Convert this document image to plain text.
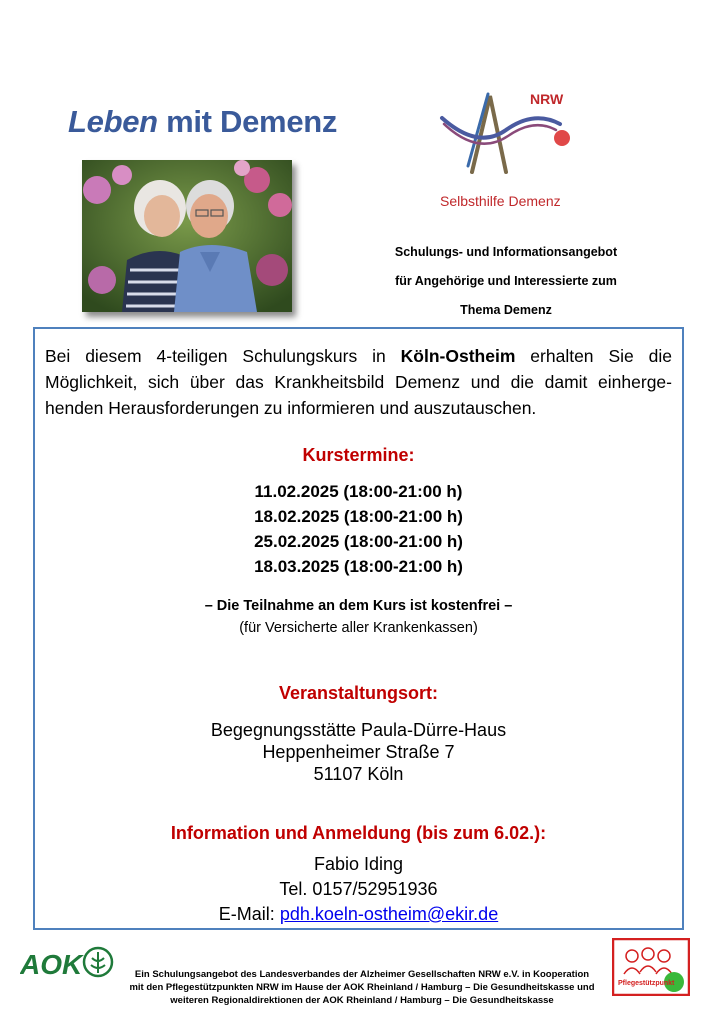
Leben mit Demenz
NRW
Selbsthilfe Demenz
Schulungs- und Informationsangebot
für Angehörige und Interessierte zum
Thema Demenz
Bei diesem 4-teiligen Schulungskurs in Köln-Ostheim erhalten Sie die Möglichkeit, sich über das Krankheitsbild Demenz und die damit einherge-henden Herausforderungen zu informieren und auszutauschen.
Kurstermine:
11.02.2025 (18:00-21:00 h)
18.02.2025 (18:00-21:00 h)
25.02.2025 (18:00-21:00 h)
18.03.2025 (18:00-21:00 h)
– Die Teilnahme an dem Kurs ist kostenfrei –
(für Versicherte aller Krankenkassen)
Veranstaltungsort:
Begegnungsstätte Paula-Dürre-Haus
Heppenheimer Straße 7
51107 Köln
Information und Anmeldung (bis zum 6.02.):
Fabio Iding
Tel. 0157/52951936
E-Mail: pdh.koeln-ostheim@ekir.de
AOK	Ein Schulungsangebot des Landesverbandes der Alzheimer Gesellschaften NRW e.V. in Kooperation
mit den Pflegestützpunkten NRW im Hause der AOK Rheinland / Hamburg – Die Gesundheitskasse und
weiteren Regionaldirektionen der AOK Rheinland / Hamburg – Die Gesundheitskasse
Pflegestützpunkt
